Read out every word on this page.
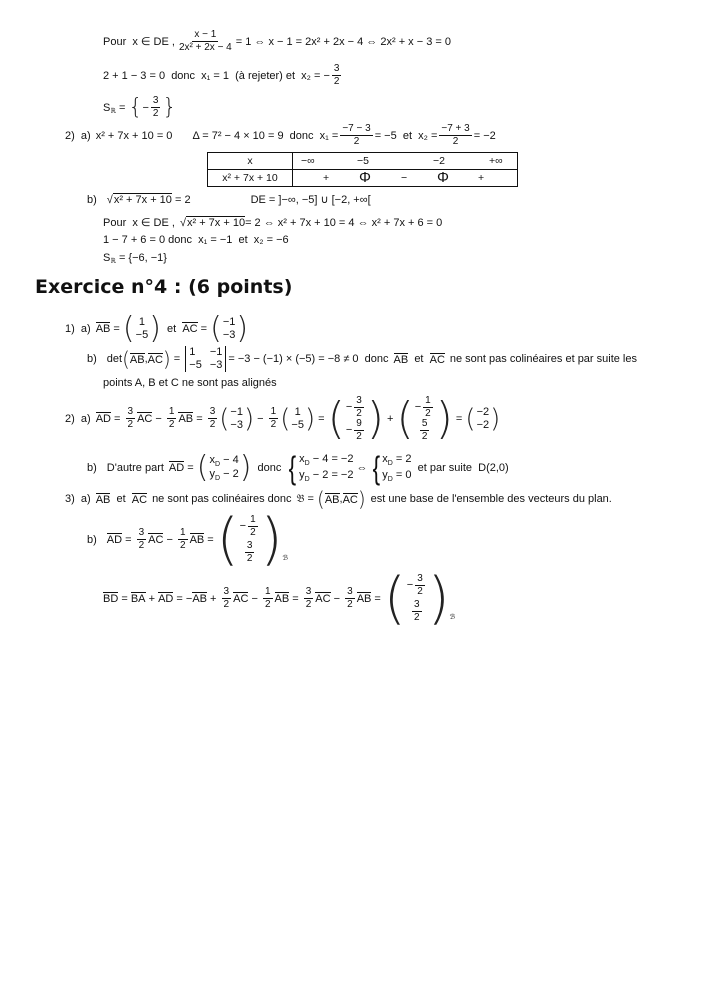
Pour  x ∈ DE , $\frac{x - 1}{\text{2x² + 2x − 4}} = 1$ ⇔ x − 1 = 2x² + 2x − 4 ⇔ 2x² + x − 3 = 0
2 + 1 − 3 = 0  donc  x₁ = 1  (à rejeter) et  x₂ = − $\frac{3}{2}$
S ℝ = { − $\frac{3}{2}$ }
2)  a) x² + 7x + 10 = 0 Δ = 7² − 4 × 10 = 9  donc  $x_1 = \frac{-7 - 3}{2} = -5$  et  $x_2 = \frac{-7 + 3}{2} = -2$
x	−∞ −5 −2 +∞

x² + 7x + 10	+ Φ − Φ +
b) √ x² + 7x + 10 = 2	DE = ]−∞, −5] ∪ [−2, +∞[
Pour  x ∈ DE , √ x² + 7x + 10 = 2 ⇔ x² + 7x + 10 = 4 ⇔ x² + 7x + 6 = 0
1 − 7 + 6 = 0 donc  x₁ = −1  et  x₂ = −6
S ℝ = {−6, −1}
Exercice n°4 : (6 points)
1)  a) AB = ( 1
−5 ) et AC = ( −1
−3 )
b) det ( AB , AC ) =
1 −1
−5 −3 = −3 − (−1) × (−5) = −8 ≠ 0  donc AB et AC ne sont pas colinéaires et par suite les
points A, B et C ne sont pas alignés
2)  a) AD = $\frac{3}{2}$ AC − $\frac{1}{2}$ AB = $\frac{3}{2}$ ( −1
−3 ) − $\frac{1}{2}$ ( 1
−5 ) = ( − $\frac{3}{2}$
− $\frac{9}{2}$ ) + ( − $\frac{1}{2}$
$\frac{5}{2}$ ) = ( −2
−2 )
b) D'autre part AD = ( $x_D - 4$
$y_D - 2$ ) donc { $x_D - 4 = -2$
$y_D - 2 = -2$
⇔ { $x_D = 2$
$y_D = 0$
et par suite  D(2,0)
3)  a) AB et AC ne sont pas colinéaires donc 𝔅 = ( AB , AC ) est une base de l'ensemble des vecteurs du plan.
b) AD = $\frac{3}{2}$ AC − $\frac{1}{2}$ AB = ( − $\frac{1}{2}$
$\frac{3}{2}$ ) ℬ
BD = BA + AD = − AB + $\frac{3}{2}$ AC − $\frac{1}{2}$ AB = $\frac{3}{2}$ AC − $\frac{3}{2}$ AB = ( − $\frac{3}{2}$
$\frac{3}{2}$ ) ℬ
